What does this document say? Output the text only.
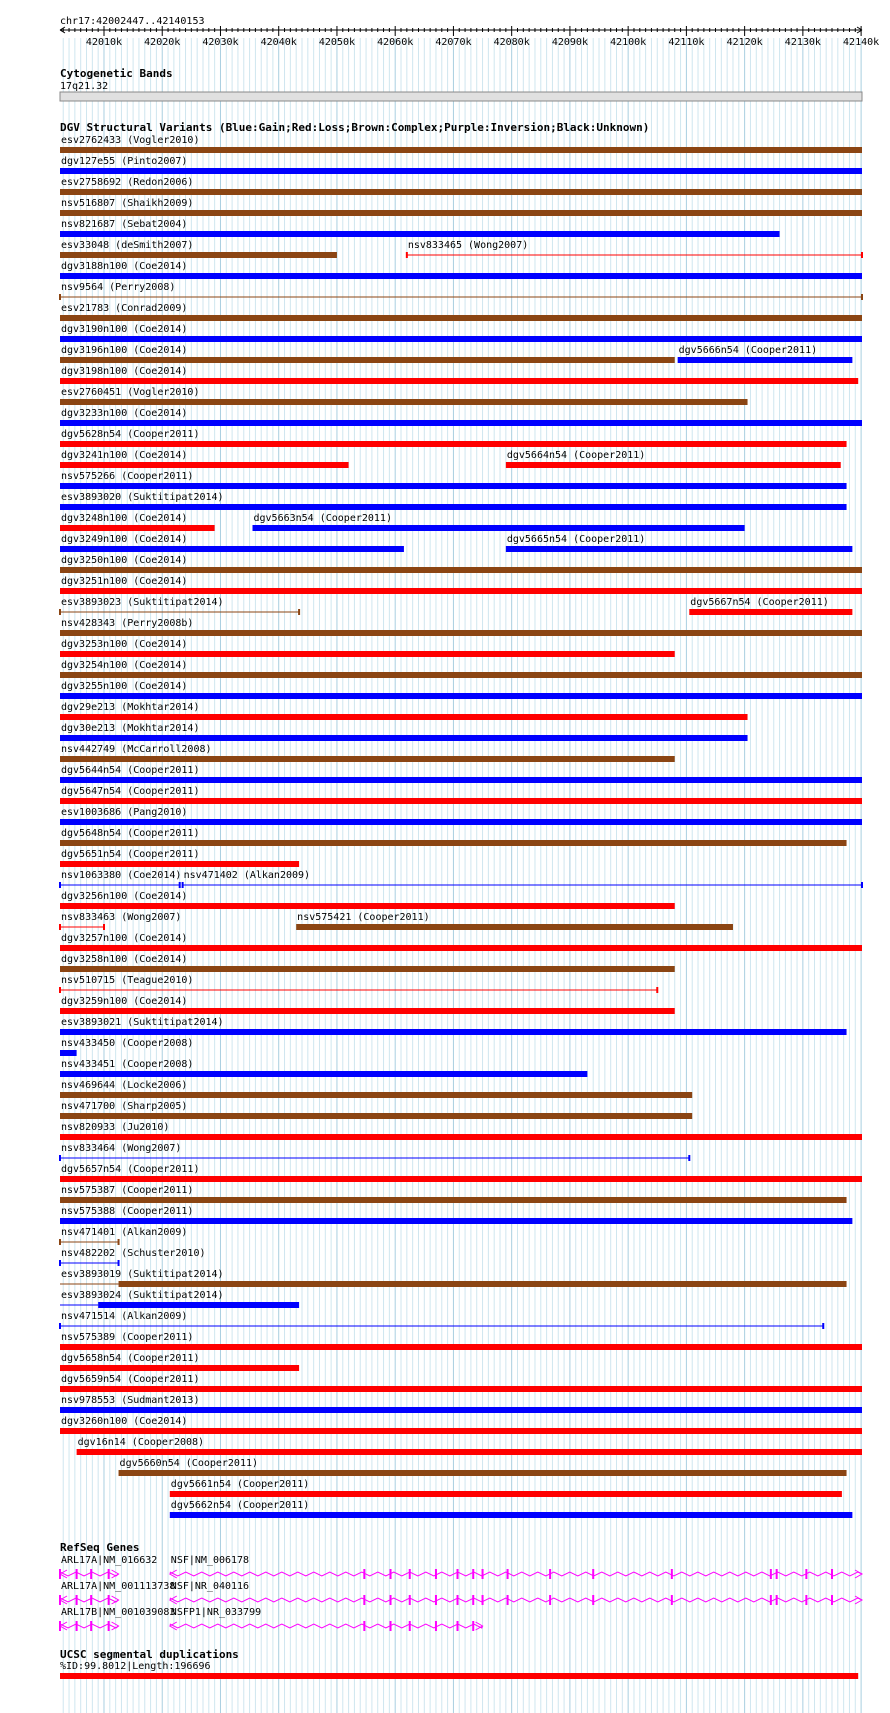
chr17:42002447..42140153
42010k 42020k 42030k 42040k 42050k 42060k 42070k 42080k 42090k 42100k 42110k 42120k 42130k 42140k
Cytogenetic Bands
17q21.32
DGV Structural Variants (Blue:Gain;Red:Loss;Brown:Complex;Purple:Inversion;Black:Unknown)
esv2762433 (Vogler2010)
dgv127e55 (Pinto2007)
esv2758692 (Redon2006)
nsv516807 (Shaikh2009)
nsv821687 (Sebat2004)
esv33048 (deSmith2007)	nsv833465 (Wong2007)
dgv3188n100 (Coe2014)
nsv9564 (Perry2008)
esv21783 (Conrad2009)
dgv3190n100 (Coe2014)
dgv3196n100 (Coe2014)	dgv5666n54 (Cooper2011)
dgv3198n100 (Coe2014)
esv2760451 (Vogler2010)
dgv3233n100 (Coe2014)
dgv5628n54 (Cooper2011)
dgv3241n100 (Coe2014)	dgv5664n54 (Cooper2011)
nsv575266 (Cooper2011)
esv3893020 (Suktitipat2014)
dgv3248n100 (Coe2014)	dgv5663n54 (Cooper2011)
dgv3249n100 (Coe2014)	dgv5665n54 (Cooper2011)
dgv3250n100 (Coe2014)
dgv3251n100 (Coe2014)
esv3893023 (Suktitipat2014)	dgv5667n54 (Cooper2011)
nsv428343 (Perry2008b)
dgv3253n100 (Coe2014)
dgv3254n100 (Coe2014)
dgv3255n100 (Coe2014)
dgv29e213 (Mokhtar2014)
dgv30e213 (Mokhtar2014)
nsv442749 (McCarroll2008)
dgv5644n54 (Cooper2011)
dgv5647n54 (Cooper2011)
esv1003686 (Pang2010)
dgv5648n54 (Cooper2011)
dgv5651n54 (Cooper2011)
nsv1063380 (Coe2014) nsv471402 (Alkan2009)
dgv3256n100 (Coe2014)
nsv833463 (Wong2007)	nsv575421 (Cooper2011)
dgv3257n100 (Coe2014)
dgv3258n100 (Coe2014)
nsv510715 (Teague2010)
dgv3259n100 (Coe2014)
esv3893021 (Suktitipat2014)
nsv433450 (Cooper2008)
nsv433451 (Cooper2008)
nsv469644 (Locke2006)
nsv471700 (Sharp2005)
nsv820933 (Ju2010)
nsv833464 (Wong2007)
dgv5657n54 (Cooper2011)
nsv575387 (Cooper2011)
nsv575388 (Cooper2011)
nsv471401 (Alkan2009)
nsv482202 (Schuster2010)
esv3893019 (Suktitipat2014)
esv3893024 (Suktitipat2014)
nsv471514 (Alkan2009)
nsv575389 (Cooper2011)
dgv5658n54 (Cooper2011)
dgv5659n54 (Cooper2011)
nsv978553 (Sudmant2013)
dgv3260n100 (Coe2014)
dgv16n14 (Cooper2008)
dgv5660n54 (Cooper2011)
dgv5661n54 (Cooper2011)
dgv5662n54 (Cooper2011)
RefSeq Genes
ARL17A|NM_016632 NSF|NM_006178
ARL17A|NM_001113738
NSF|NR_040116
ARL17B|NM_001039083
NSFP1|NR_033799
UCSC segmental duplications
%ID:99.8012|Length:196696
